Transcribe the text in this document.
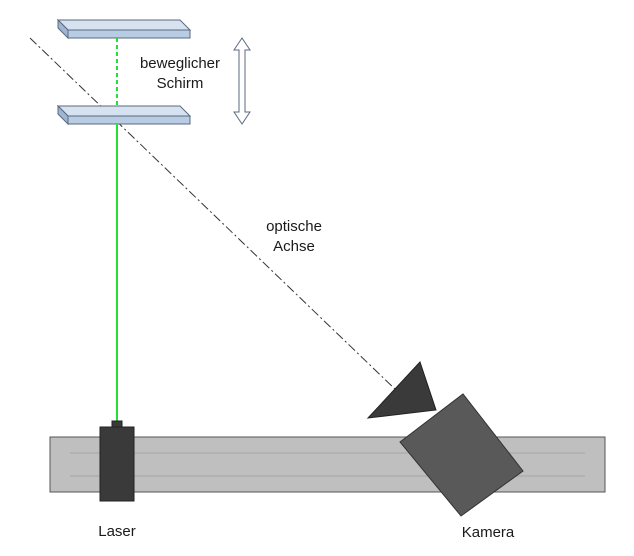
beweglicher
Schirm
optische
Achse
Laser	Kamera
